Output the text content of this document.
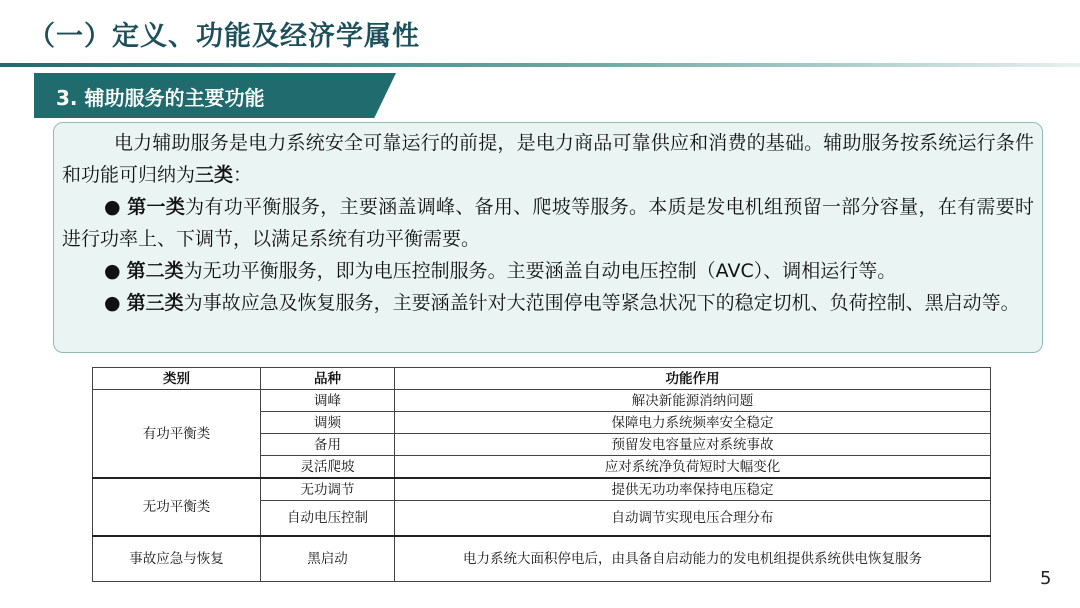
（一）定义、功能及经济学属性
3. 辅助服务的主要功能

电力辅助服务是电力系统安全可靠运行的前提，是电力商品可靠供应和消费的基础。辅助服务按系统运行条件和功能可归纳为三类：

● 第一类为有功平衡服务，主要涵盖调峰、备用、爬坡等服务。本质是发电机组预留一部分容量，在有需要时进行功率上、下调节，以满足系统有功平衡需要。

● 第二类为无功平衡服务，即为电压控制服务。主要涵盖自动电压控制（AVC）、调相运行等。

● 第三类为事故应急及恢复服务，主要涵盖针对大范围停电等紧急状况下的稳定切机、负荷控制、黑启动等。

类别	品种	功能作用
有功平衡类	调峰	解决新能源消纳问题
	调频	保障电力系统频率安全稳定
	备用	预留发电容量应对系统事故
	灵活爬坡	应对系统净负荷短时大幅变化
无功平衡类	无功调节	提供无功功率保持电压稳定
	自动电压控制	自动调节实现电压合理分布
事故应急与恢复	黑启动	电力系统大面积停电后，由具备自启动能力的发电机组提供系统供电恢复服务
5
